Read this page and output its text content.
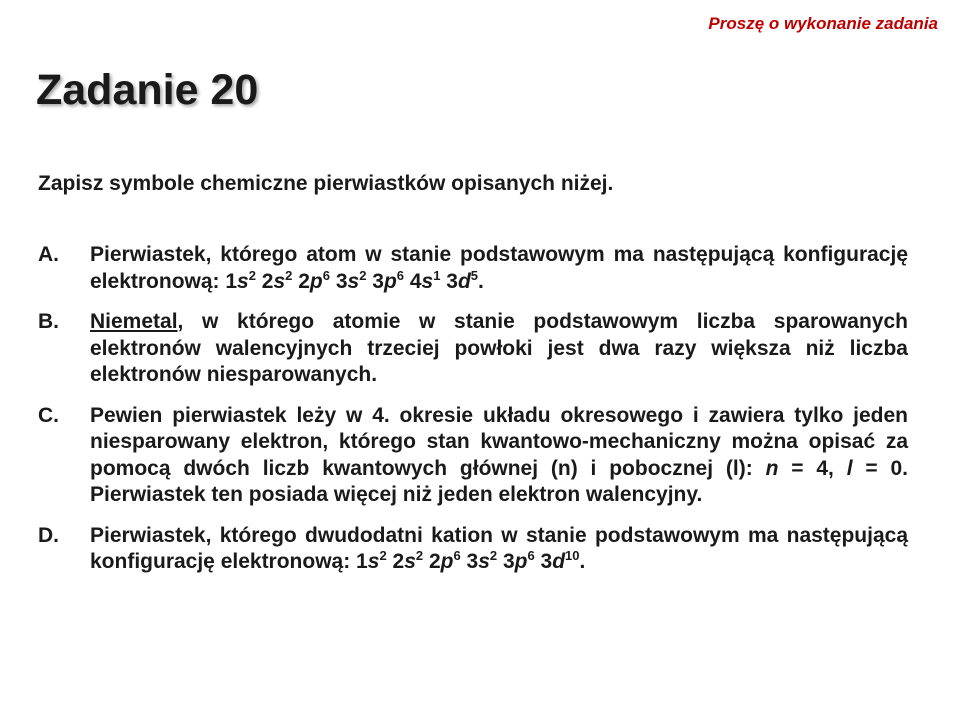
Proszę o wykonanie zadania
Zadanie 20

Zapisz symbole chemiczne pierwiastków opisanych niżej.

A.	Pierwiastek, którego atom w stanie podstawowym ma następującą konfigurację elektronową: $1s^2$ $2s^2$ $2p^6$ $3s^2$ $3p^6$ $4s^1$ $3d^5$.
B.	Niemetal, w którego atomie w stanie podstawowym liczba sparowanych elektronów walencyjnych trzeciej powłoki jest dwa razy większa niż liczba elektronów niesparowanych.
C.	Pewien pierwiastek leży w 4. okresie układu okresowego i zawiera tylko jeden niesparowany elektron, którego stan kwantowo-mechaniczny można opisać za pomocą dwóch liczb kwantowych głównej (n) i pobocznej (l): n = 4, l = 0. Pierwiastek ten posiada więcej niż jeden elektron walencyjny.
D.	Pierwiastek, którego dwudodatni kation w stanie podstawowym ma następującą konfigurację elektronową: $1s^2$ $2s^2$ $2p^6$ $3s^2$ $3p^6$ $3d^{10}$.
